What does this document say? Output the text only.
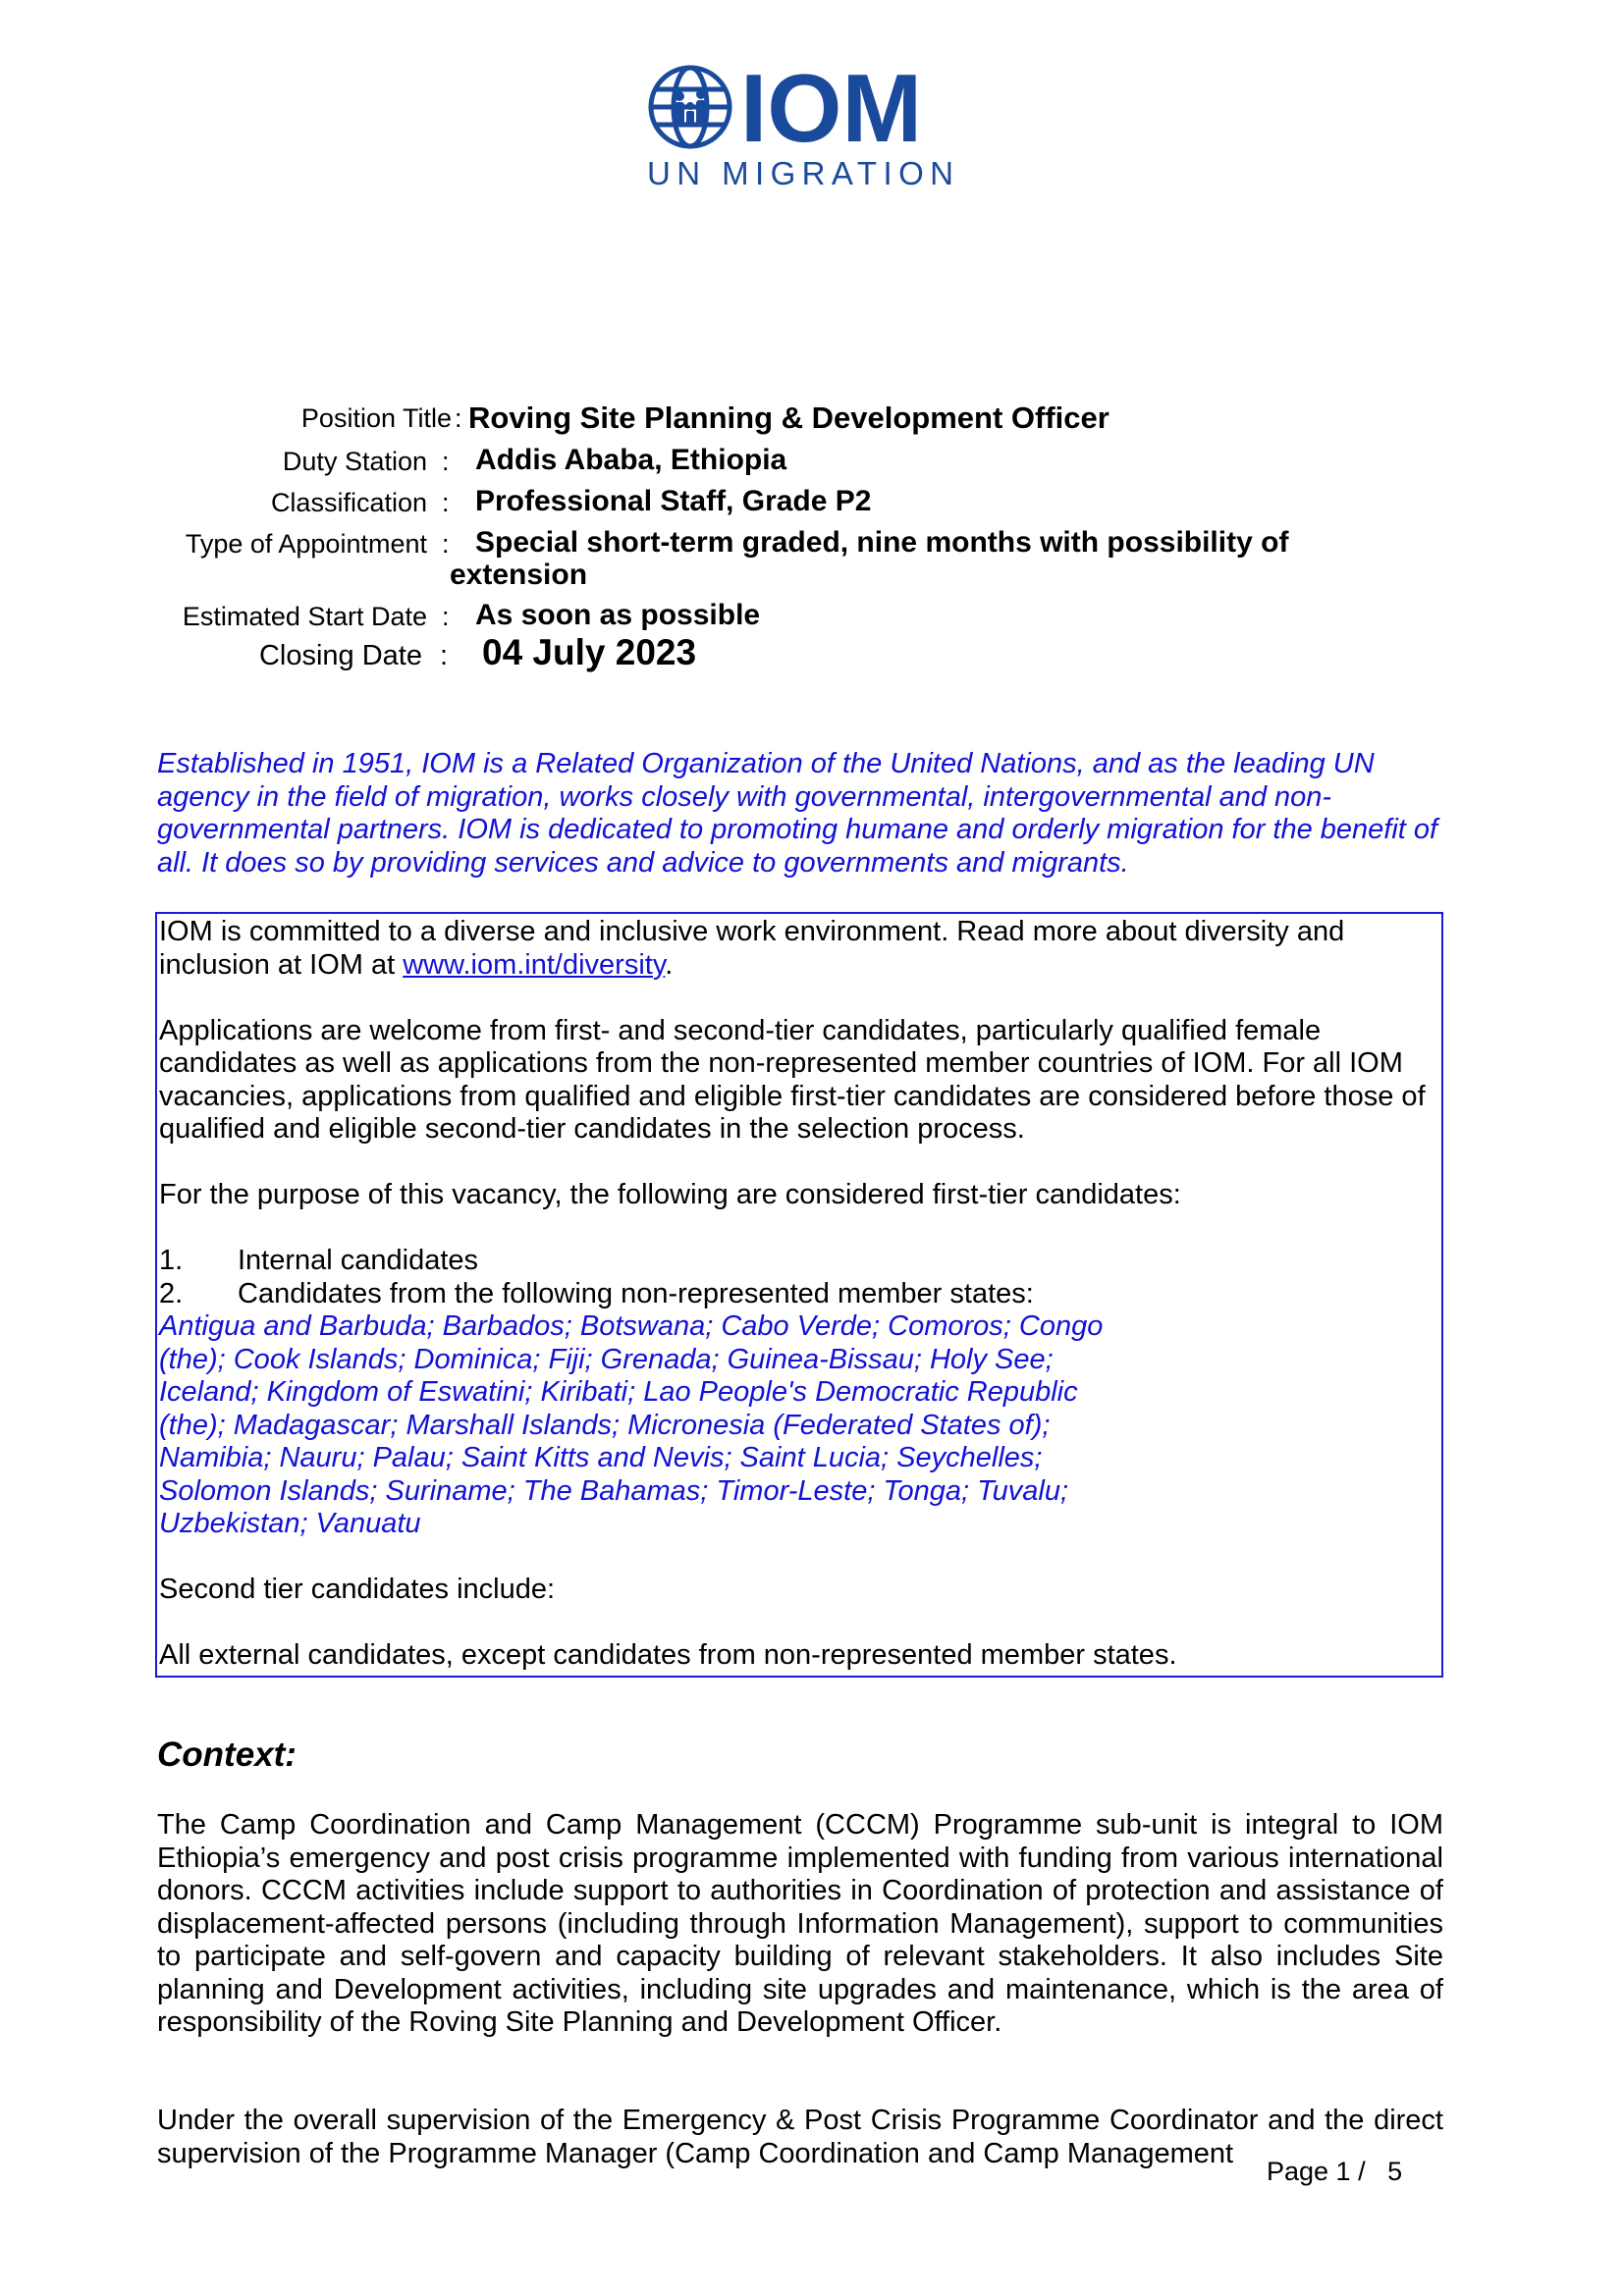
IOM
UN MIGRATION
Position Title : Roving Site Planning & Development Officer
Duty Station : Addis Ababa, Ethiopia
Classification : Professional Staff, Grade P2
Type of Appointment : Special short-term graded, nine months with possibility of
extension
Estimated Start Date : As soon as possible
Closing Date : 04 July 2023

Established in 1951, IOM is a Related Organization of the United Nations, and as the leading UN agency in the field of migration, works closely with governmental, intergovernmental and non-governmental partners. IOM is dedicated to promoting humane and orderly migration for the benefit of all. It does so by providing services and advice to governments and migrants.

IOM is committed to a diverse and inclusive work environment. Read more about diversity and inclusion at IOM at www.iom.int/diversity.

Applications are welcome from first- and second-tier candidates, particularly qualified female candidates as well as applications from the non-represented member countries of IOM. For all IOM vacancies, applications from qualified and eligible first-tier candidates are considered before those of qualified and eligible second-tier candidates in the selection process.

For the purpose of this vacancy, the following are considered first-tier candidates:

1. Internal candidates

2. Candidates from the following non-represented member states:

Antigua and Barbuda; Barbados; Botswana; Cabo Verde; Comoros; Congo

(the); Cook Islands; Dominica; Fiji; Grenada; Guinea-Bissau; Holy See;

Iceland; Kingdom of Eswatini; Kiribati; Lao People's Democratic Republic

(the); Madagascar; Marshall Islands; Micronesia (Federated States of);

Namibia; Nauru; Palau; Saint Kitts and Nevis; Saint Lucia; Seychelles;

Solomon Islands; Suriname; The Bahamas; Timor-Leste; Tonga; Tuvalu;

Uzbekistan; Vanuatu

Second tier candidates include:

All external candidates, except candidates from non-represented member states.

Context:

The Camp Coordination and Camp Management (CCCM) Programme sub-unit is integral to IOM Ethiopia’s emergency and post crisis programme implemented with funding from various international donors. CCCM activities include support to authorities in Coordination of protection and assistance of displacement-affected persons (including through Information Management), support to communities to participate and self-govern and capacity building of relevant stakeholders. It also includes Site planning and Development activities, including site upgrades and maintenance, which is the area of responsibility of the Roving Site Planning and Development Officer.

Under the overall supervision of the Emergency & Post Crisis Programme Coordinator and the direct supervision of the Programme Manager (Camp Coordination and Camp Management

Page 1 /   5
